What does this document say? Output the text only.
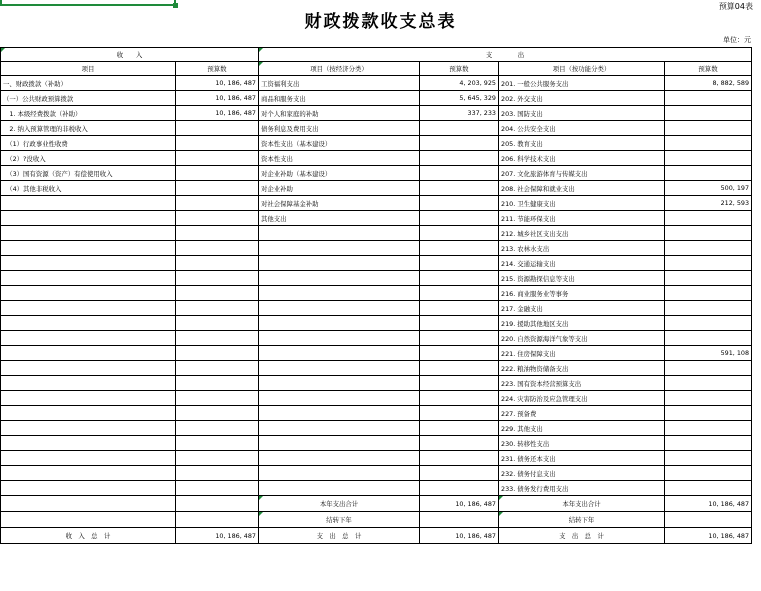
预算04表
财政拨款收支总表
单位：元
收　　入		支　　　　出			
项目	预算数	项目（按经济分类）	预算数	项目（按功能分类）	预算数
一、财政拨款（补助）	10, 186, 487	工资福利支出	4, 203, 925	201. 一般公共服务支出	8, 882, 589
（一）公共财政预算拨款	10, 186, 487	商品和服务支出	5, 645, 329	202. 外交支出	
　1. 本级经费拨款（补助）	10, 186, 487	对个人和家庭的补助	337, 233	203. 国防支出	
　2. 纳入预算管理的非税收入		债务利息及费用支出		204. 公共安全支出	
　（1）行政事业性收费		资本性支出（基本建设）		205. 教育支出	
　（2）?没收入		资本性支出		206. 科学技术支出	
　（3）国有资源（资产）有偿使用收入		对企业补助（基本建设）		207. 文化旅游体育与传媒支出	
　（4）其他非税收入		对企业补助		208. 社会保障和就业支出	500, 197
		对社会保障基金补助		210. 卫生健康支出	212, 593
		其他支出		211. 节能环保支出	
				212. 城乡社区支出支出	
				213. 农林水支出	
				214. 交通运输支出	
				215. 资源勘探信息等支出	
				216. 商业服务业等事务	
				217. 金融支出	
				219. 援助其他地区支出	
				220. 自然资源海洋气象等支出	
				221. 住房保障支出	591, 108
				222. 粮油物资储备支出	
				223. 国有资本经营预算支出	
				224. 灾害防治及应急管理支出	
				227. 预备费	
				229. 其他支出	
				230. 转移性支出	
				231. 债务还本支出	
				232. 债务付息支出	
				233. 债务发行费用支出	
		本年支出合计	10, 186, 487	本年支出合计	10, 186, 487
		结转下年		结转下年	
收　入　总　计	10, 186, 487	支　出　总　计	10, 186, 487	支　出　总　计	10, 186, 487
